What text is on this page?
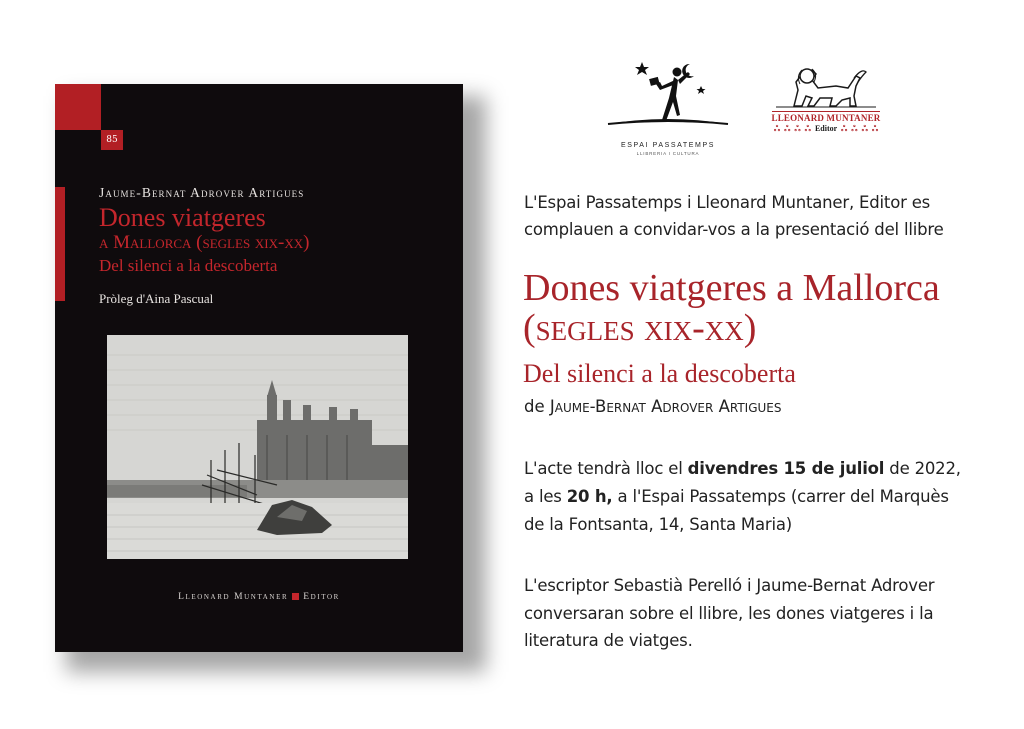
85
Jaume-Bernat Adrover Artigues
Dones viatgeres
a Mallorca (segles xix-xx)
Del silenci a la descoberta
Pròleg d'Aina Pascual
Lleonard Muntaner Editor
ESPAI PASSATEMPS
LLIBRERIA I CULTURA
LLEONARD MUNTANER
ஃ ஃ ஃ ஃ Editor ஃ ஃ ஃ ஃ
L'Espai Passatemps i Lleonard Muntaner, Editor es
complauen a convidar-vos a la presentació del llibre
Dones viatgeres a Mallorca
(segles xix-xx)
Del silenci a la descoberta
de Jaume-Bernat Adrover Artigues
L'acte tendrà lloc el divendres 15 de juliol de 2022,
a les 20 h, a l'Espai Passatemps (carrer del Marquès
de la Fontsanta, 14, Santa Maria)
L'escriptor Sebastià Perelló i Jaume-Bernat Adrover
conversaran sobre el llibre, les dones viatgeres i la
literatura de viatges.
